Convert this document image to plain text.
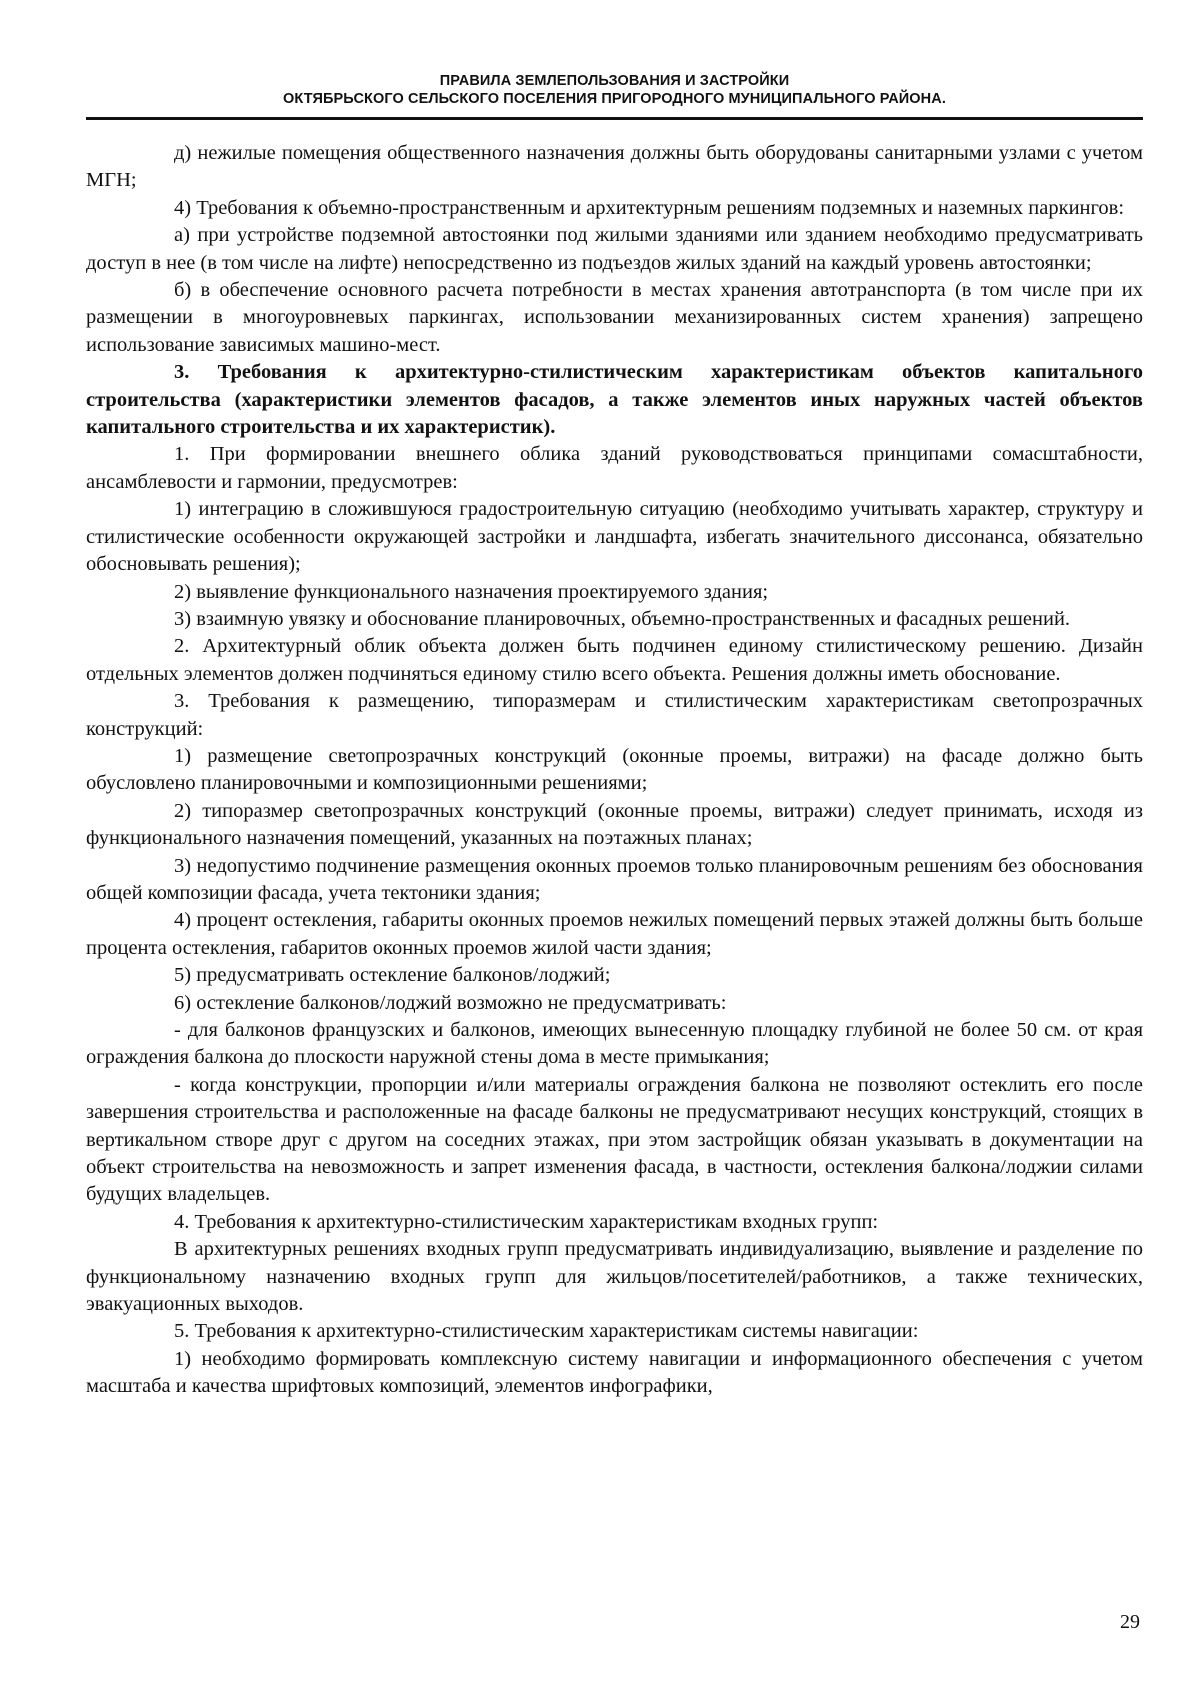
ПРАВИЛА ЗЕМЛЕПОЛЬЗОВАНИЯ И ЗАСТРОЙКИ
ОКТЯБРЬСКОГО СЕЛЬСКОГО ПОСЕЛЕНИЯ ПРИГОРОДНОГО МУНИЦИПАЛЬНОГО РАЙОНА.

д) нежилые помещения общественного назначения должны быть оборудованы санитарными узлами с учетом МГН;

4) Требования к объемно-пространственным и архитектурным решениям подземных и наземных паркингов:

а) при устройстве подземной автостоянки под жилыми зданиями или зданием необходимо предусматривать доступ в нее (в том числе на лифте) непосредственно из подъездов жилых зданий на каждый уровень автостоянки;

б) в обеспечение основного расчета потребности в местах хранения автотранспорта (в том числе при их размещении в многоуровневых паркингах, использовании механизированных систем хранения) запрещено использование зависимых машино-мест.

3. Требования к архитектурно-стилистическим характеристикам объектов капитального строительства (характеристики элементов фасадов, а также элементов иных наружных частей объектов капитального строительства и их характеристик).

1. При формировании внешнего облика зданий руководствоваться принципами сомасштабности, ансамблевости и гармонии, предусмотрев:

1) интеграцию в сложившуюся градостроительную ситуацию (необходимо учитывать характер, структуру и стилистические особенности окружающей застройки и ландшафта, избегать значительного диссонанса, обязательно обосновывать решения);

2) выявление функционального назначения проектируемого здания;

3) взаимную увязку и обоснование планировочных, объемно-пространственных и фасадных решений.

2. Архитектурный облик объекта должен быть подчинен единому стилистическому решению. Дизайн отдельных элементов должен подчиняться единому стилю всего объекта. Решения должны иметь обоснование.

3. Требования к размещению, типоразмерам и стилистическим характеристикам светопрозрачных конструкций:

1) размещение светопрозрачных конструкций (оконные проемы, витражи) на фасаде должно быть обусловлено планировочными и композиционными решениями;

2) типоразмер светопрозрачных конструкций (оконные проемы, витражи) следует принимать, исходя из функционального назначения помещений, указанных на поэтажных планах;

3) недопустимо подчинение размещения оконных проемов только планировочным решениям без обоснования общей композиции фасада, учета тектоники здания;

4) процент остекления, габариты оконных проемов нежилых помещений первых этажей должны быть больше процента остекления, габаритов оконных проемов жилой части здания;

5) предусматривать остекление балконов/лоджий;

6) остекление балконов/лоджий возможно не предусматривать:

- для балконов французских и балконов, имеющих вынесенную площадку глубиной не более 50 см. от края ограждения балкона до плоскости наружной стены дома в месте примыкания;

- когда конструкции, пропорции и/или материалы ограждения балкона не позволяют остеклить его после завершения строительства и расположенные на фасаде балконы не предусматривают несущих конструкций, стоящих в вертикальном створе друг с другом на соседних этажах, при этом застройщик обязан указывать в документации на объект строительства на невозможность и запрет изменения фасада, в частности, остекления балкона/лоджии силами будущих владельцев.

4. Требования к архитектурно-стилистическим характеристикам входных групп:

В архитектурных решениях входных групп предусматривать индивидуализацию, выявление и разделение по функциональному назначению входных групп для жильцов/посетителей/работников, а также технических, эвакуационных выходов.

5. Требования к архитектурно-стилистическим характеристикам системы навигации:

1) необходимо формировать комплексную систему навигации и информационного обеспечения с учетом масштаба и качества шрифтовых композиций, элементов инфографики,

29
